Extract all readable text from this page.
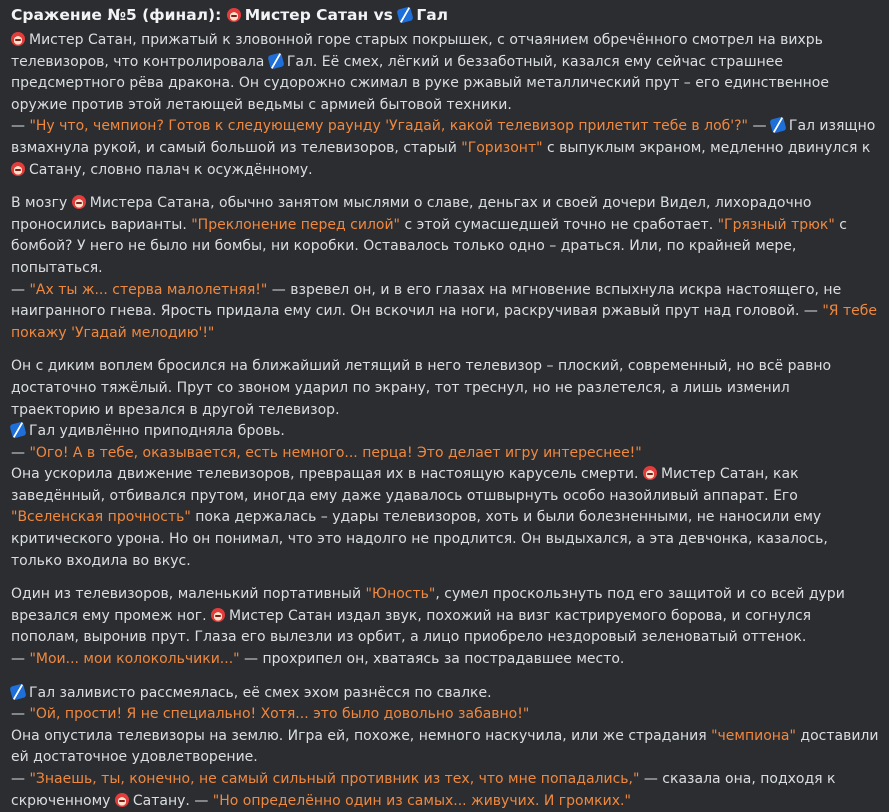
Сражение №5 (финал): Мистер Сатан vs Гал
Мистер Сатан, прижатый к зловонной горе старых покрышек, с отчаянием обречённого смотрел на вихрь телевизоров, что контролировала Гал. Её смех, лёгкий и беззаботный, казался ему сейчас страшнее предсмертного рёва дракона. Он судорожно сжимал в руке ржавый металлический прут – его единственное оружие против этой летающей ведьмы с армией бытовой техники.
— "Ну что, чемпион? Готов к следующему раунду 'Угадай, какой телевизор прилетит тебе в лоб'?" — Гал изящно взмахнула рукой, и самый большой из телевизоров, старый "Горизонт" с выпуклым экраном, медленно двинулся к Сатану, словно палач к осуждённому.
В мозгу Мистера Сатана, обычно занятом мыслями о славе, деньгах и своей дочери Видел, лихорадочно проносились варианты. "Преклонение перед силой" с этой сумасшедшей точно не сработает. "Грязный трюк" с бомбой? У него не было ни бомбы, ни коробки. Оставалось только одно – драться. Или, по крайней мере, попытаться.
— "Ах ты ж... стерва малолетняя!" — взревел он, и в его глазах на мгновение вспыхнула искра настоящего, не наигранного гнева. Ярость придала ему сил. Он вскочил на ноги, раскручивая ржавый прут над головой. — "Я тебе покажу 'Угадай мелодию'!"
Он с диким воплем бросился на ближайший летящий в него телевизор – плоский, современный, но всё равно достаточно тяжёлый. Прут со звоном ударил по экрану, тот треснул, но не разлетелся, а лишь изменил траекторию и врезался в другой телевизор.
Гал удивлённо приподняла бровь.
— "Ого! А в тебе, оказывается, есть немного... перца! Это делает игру интереснее!"
Она ускорила движение телевизоров, превращая их в настоящую карусель смерти. Мистер Сатан, как заведённый, отбивался прутом, иногда ему даже удавалось отшвырнуть особо назойливый аппарат. Его "Вселенская прочность" пока держалась – удары телевизоров, хоть и были болезненными, не наносили ему критического урона. Но он понимал, что это надолго не продлится. Он выдыхался, а эта девчонка, казалось, только входила во вкус.
Один из телевизоров, маленький портативный "Юность", сумел проскользнуть под его защитой и со всей дури врезался ему промеж ног. Мистер Сатан издал звук, похожий на визг кастрируемого борова, и согнулся пополам, выронив прут. Глаза его вылезли из орбит, а лицо приобрело нездоровый зеленоватый оттенок.
— "Мои... мои колокольчики..." — прохрипел он, хватаясь за пострадавшее место.
Гал заливисто рассмеялась, её смех эхом разнёсся по свалке.
— "Ой, прости! Я не специально! Хотя... это было довольно забавно!"
Она опустила телевизоры на землю. Игра ей, похоже, немного наскучила, или же страдания "чемпиона" доставили ей достаточное удовлетворение.
— "Знаешь, ты, конечно, не самый сильный противник из тех, что мне попадались," — сказала она, подходя к скрюченному Сатану. — "Но определённо один из самых... живучих. И громких."
